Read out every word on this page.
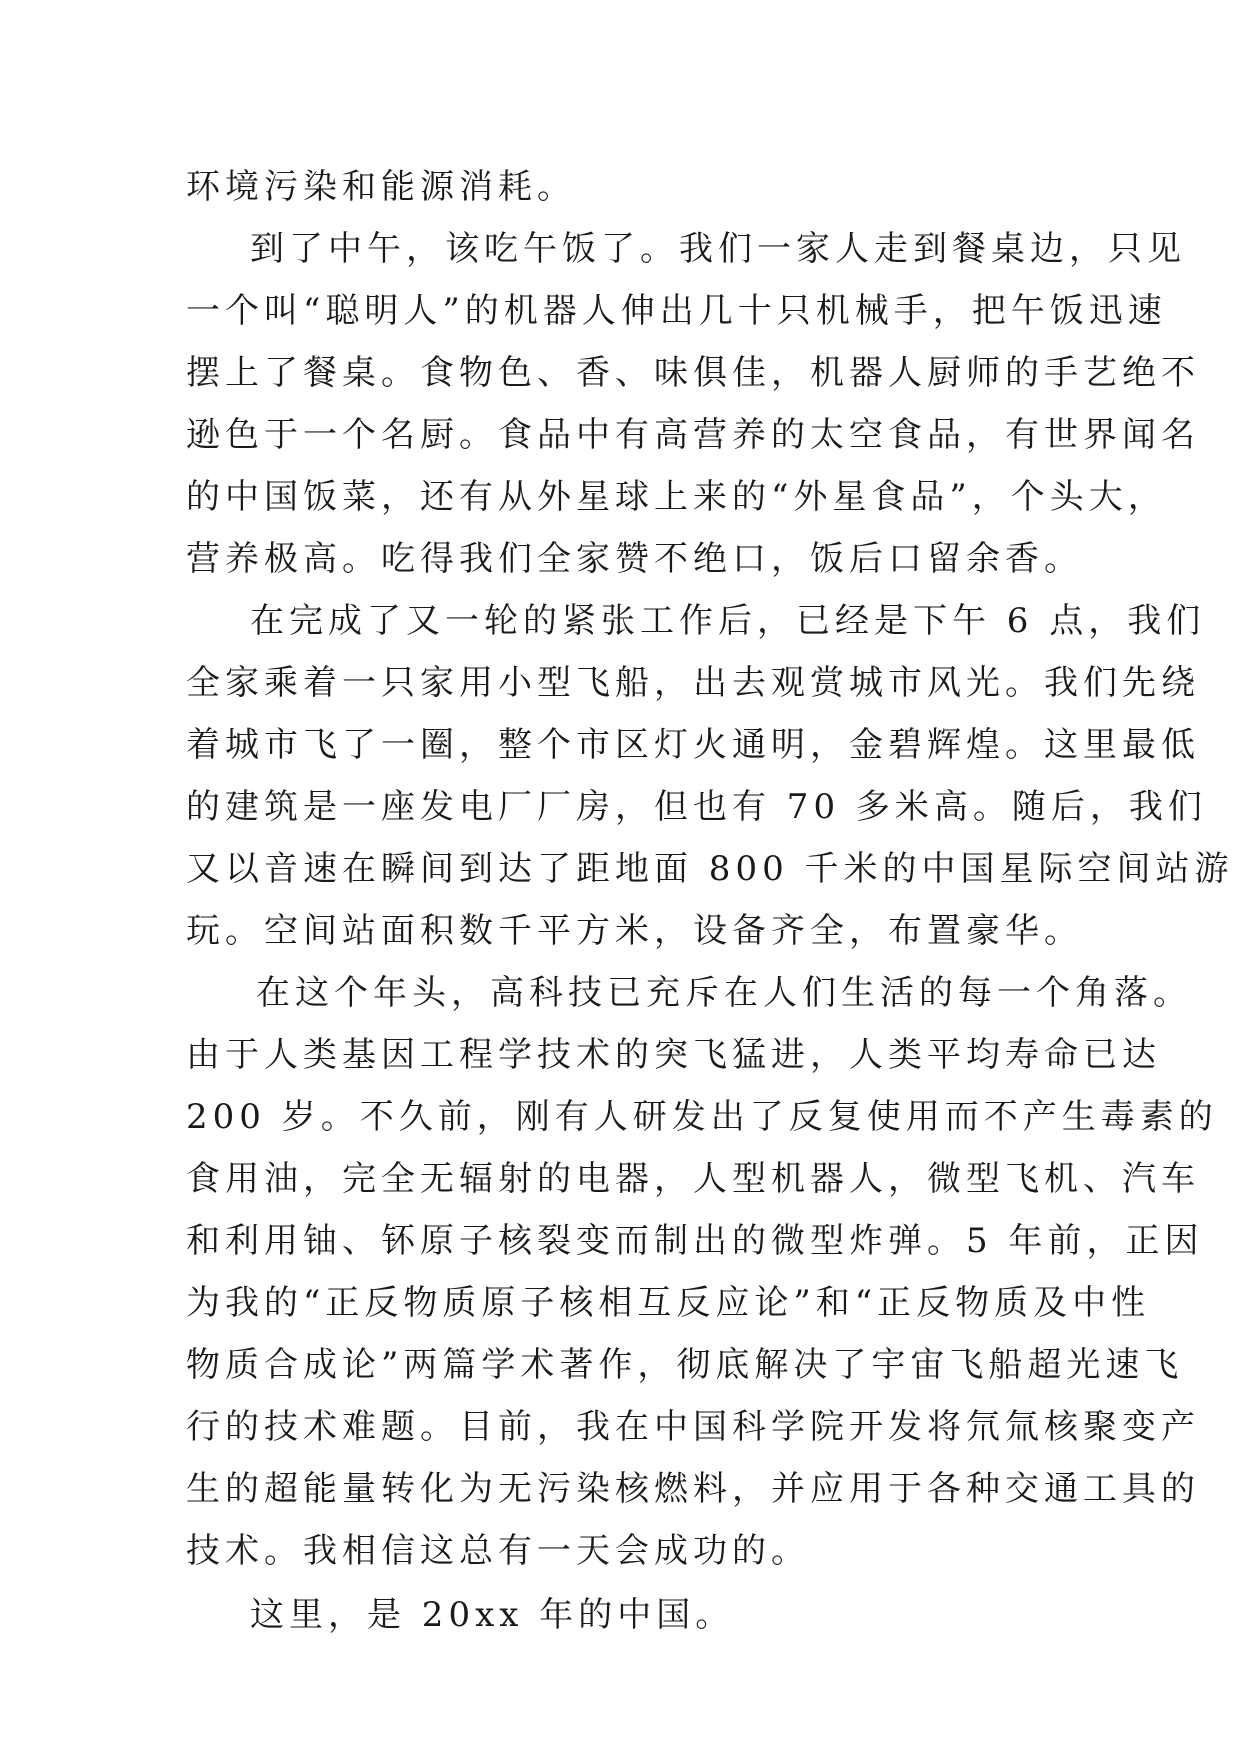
环境污染和能源消耗。
到了中午，该吃午饭了。我们一家人走到餐桌边，只见
一个叫“聪明人”的机器人伸出几十只机械手，把午饭迅速
摆上了餐桌。食物色、香、味俱佳，机器人厨师的手艺绝不
逊色于一个名厨。食品中有高营养的太空食品，有世界闻名
的中国饭菜，还有从外星球上来的“外星食品”，个头大，
营养极高。吃得我们全家赞不绝口，饭后口留余香。
在完成了又一轮的紧张工作后，已经是下午 6 点，我们
全家乘着一只家用小型飞船，出去观赏城市风光。我们先绕
着城市飞了一圈，整个市区灯火通明，金碧辉煌。这里最低
的建筑是一座发电厂厂房，但也有 70 多米高。随后，我们
又以音速在瞬间到达了距地面 800 千米的中国星际空间站游
玩。空间站面积数千平方米，设备齐全，布置豪华。
在这个年头，高科技已充斥在人们生活的每一个角落。
由于人类基因工程学技术的突飞猛进，人类平均寿命已达
200 岁。不久前，刚有人研发出了反复使用而不产生毒素的
食用油，完全无辐射的电器，人型机器人，微型飞机、汽车
和利用铀、钚原子核裂变而制出的微型炸弹。5 年前，正因
为我的“正反物质原子核相互反应论”和“正反物质及中性
物质合成论”两篇学术著作，彻底解决了宇宙飞船超光速飞
行的技术难题。目前，我在中国科学院开发将氘氚核聚变产
生的超能量转化为无污染核燃料，并应用于各种交通工具的
技术。我相信这总有一天会成功的。
这里，是 20xx 年的中国。
